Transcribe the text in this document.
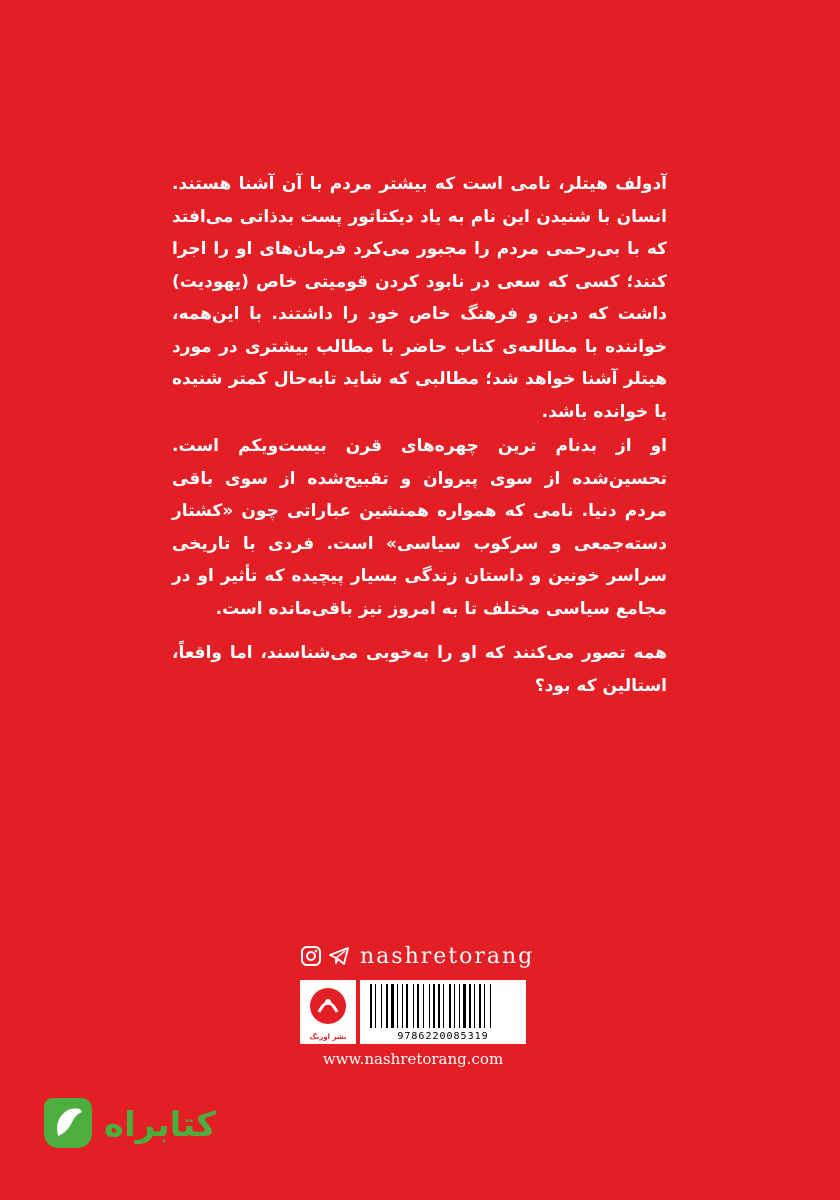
آدولف هیتلر، نامی است که بیشتر مردم با آن آشنا هستند. انسان با شنیدن این نام به یاد دیکتاتور پست بدذاتی می‌افتد که با بی‌رحمی مردم را مجبور می‌کرد فرمان‌های او را اجرا کنند؛ کسی که سعی در نابود کردن قومیتی خاص (یهودیت) داشت که دین و فرهنگ خاص خود را داشتند. با این‌همه، خواننده با مطالعه‌ی کتاب حاضر با مطالب بیشتری در مورد هیتلر آشنا خواهد شد؛ مطالبی که شاید تابه‌حال کمتر شنیده یا خوانده باشد.

او از بدنام ترین چهره‌های قرن بیست‌ویکم است. تحسین‌شده از سوی پیروان و تقبیح‌شده از سوی باقی مردم دنیا. نامی که همواره همنشین عباراتی چون «کشتار دسته‌جمعی و سرکوب سیاسی» است. فردی با تاریخی سراسر خونین و داستان زندگی بسیار پیچیده که تأثیر او در مجامع سیاسی مختلف تا به امروز نیز باقی‌مانده است.

همه تصور می‌کنند که او را به‌خوبی می‌شناسند، اما واقعاً، استالین که بود؟

nashretorang
نشر اورنگ	9786220085319
www.nashretorang.com
کتابراه
